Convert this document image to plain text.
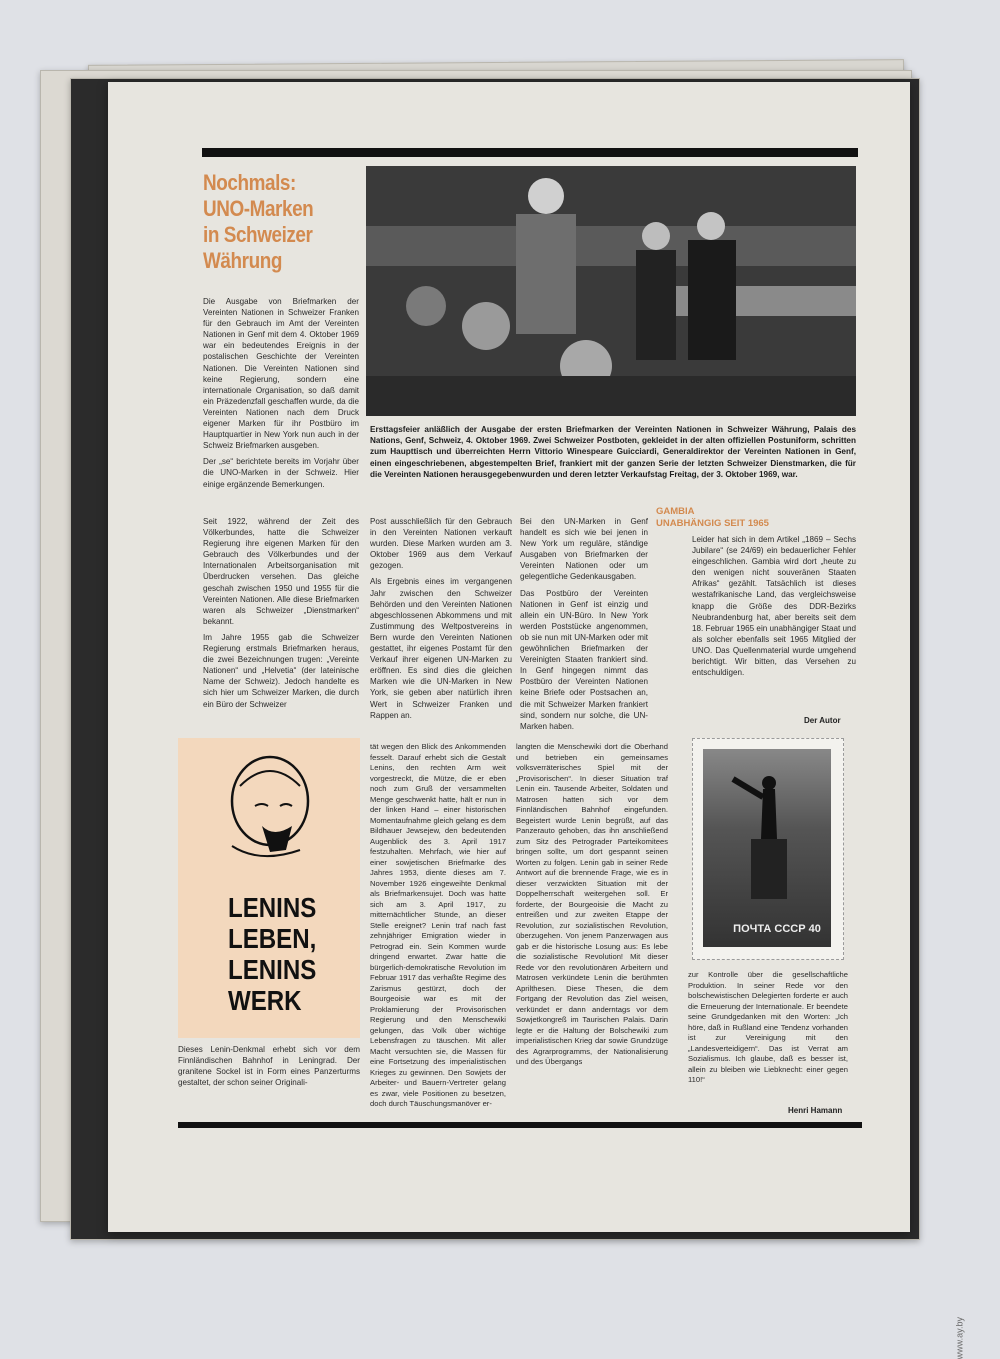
Nochmals:
UNO-Marken
in Schweizer
Währung

Ersttagsfeier anläßlich der Ausgabe der ersten Briefmarken der Vereinten Nationen in Schweizer Währung, Palais des Nations, Genf, Schweiz, 4. Oktober 1969. Zwei Schweizer Postboten, gekleidet in der alten offiziellen Postuniform, schritten zum Haupttisch und überreichten Herrn Vittorio Winespeare Guicciardi, Generaldirektor der Vereinten Nationen in Genf, einen eingeschriebenen, abgestempelten Brief, frankiert mit der ganzen Serie der letzten Schweizer Dienstmarken, die für die Vereinten Nationen herausgegebenwurden und deren letzter Verkaufstag Freitag, der 3. Oktober 1969, war.

Die Ausgabe von Briefmarken der Vereinten Nationen in Schweizer Franken für den Gebrauch im Amt der Vereinten Nationen in Genf mit dem 4. Oktober 1969 war ein bedeutendes Ereignis in der postalischen Geschichte der Vereinten Nationen. Die Vereinten Nationen sind keine Regierung, sondern eine internationale Organisation, so daß damit ein Präzedenzfall geschaffen wurde, da die Vereinten Nationen nach dem Druck eigener Marken für ihr Postbüro im Hauptquartier in New York nun auch in der Schweiz Briefmarken ausgeben.

Der „se“ berichtete bereits im Vorjahr über die UNO-Marken in der Schweiz. Hier einige ergänzende Bemerkungen.

Seit 1922, während der Zeit des Völkerbundes, hatte die Schweizer Regierung ihre eigenen Marken für den Gebrauch des Völkerbundes und der Internationalen Arbeitsorganisation mit Überdrucken versehen. Das gleiche geschah zwischen 1950 und 1955 für die Vereinten Nationen. Alle diese Briefmarken waren als Schweizer „Dienstmarken“ bekannt.

Im Jahre 1955 gab die Schweizer Regierung erstmals Briefmarken heraus, die zwei Bezeichnungen trugen: „Vereinte Nationen“ und „Helvetia“ (der lateinische Name der Schweiz). Jedoch handelte es sich hier um Schweizer Marken, die durch ein Büro der Schweizer

Post ausschließlich für den Gebrauch in den Vereinten Nationen verkauft wurden. Diese Marken wurden am 3. Oktober 1969 aus dem Verkauf gezogen.

Als Ergebnis eines im vergangenen Jahr zwischen den Schweizer Behörden und den Vereinten Nationen abgeschlossenen Abkommens und mit Zustimmung des Weltpostvereins in Bern wurde den Vereinten Nationen gestattet, ihr eigenes Postamt für den Verkauf ihrer eigenen UN-Marken zu eröffnen. Es sind dies die gleichen Marken wie die UN-Marken in New York, sie geben aber natürlich ihren Wert in Schweizer Franken und Rappen an.

Bei den UN-Marken in Genf handelt es sich wie bei jenen in New York um reguläre, ständige Ausgaben von Briefmarken der Vereinten Nationen oder um gelegentliche Gedenkausgaben.

Das Postbüro der Vereinten Nationen in Genf ist einzig und allein ein UN-Büro. In New York werden Poststücke angenommen, ob sie nun mit UN-Marken oder mit gewöhnlichen Briefmarken der Vereinigten Staaten frankiert sind. In Genf hingegen nimmt das Postbüro der Vereinten Nationen keine Briefe oder Postsachen an, die mit Schweizer Marken frankiert sind, sondern nur solche, die UN-Marken haben.

GAMBIA
UNABHÄNGIG SEIT 1965

Leider hat sich in dem Artikel „1869 – Sechs Jubilare“ (se 24/69) ein bedauerlicher Fehler eingeschlichen. Gambia wird dort „heute zu den wenigen nicht souveränen Staaten Afrikas“ gezählt. Tatsächlich ist dieses westafrikanische Land, das vergleichsweise knapp die Größe des DDR-Bezirks Neubrandenburg hat, aber bereits seit dem 18. Februar 1965 ein unabhängiger Staat und als solcher ebenfalls seit 1965 Mitglied der UNO. Das Quellenmaterial wurde umgehend berichtigt. Wir bitten, das Versehen zu entschuldigen.

Der Autor

LENINS
LEBEN,
LENINS
WERK

Dieses Lenin-Denkmal erhebt sich vor dem Finnländischen Bahnhof in Leningrad. Der granitene Sockel ist in Form eines Panzerturms gestaltet, der schon seiner Originali-

tät wegen den Blick des Ankommenden fesselt. Darauf erhebt sich die Gestalt Lenins, den rechten Arm weit vorgestreckt, die Mütze, die er eben noch zum Gruß der versammelten Menge geschwenkt hatte, hält er nun in der linken Hand – einer historischen Momentaufnahme gleich gelang es dem Bildhauer Jewsejew, den bedeutenden Augenblick des 3. April 1917 festzuhalten. Mehrfach, wie hier auf einer sowjetischen Briefmarke des Jahres 1953, diente dieses am 7. November 1926 eingeweihte Denkmal als Briefmarkensujet. Doch was hatte sich am 3. April 1917, zu mitternächtlicher Stunde, an dieser Stelle ereignet? Lenin traf nach fast zehnjähriger Emigration wieder in Petrograd ein. Sein Kommen wurde dringend erwartet. Zwar hatte die bürgerlich-demokratische Revolution im Februar 1917 das verhaßte Regime des Zarismus gestürzt, doch der Bourgeoisie war es mit der Proklamierung der Provisorischen Regierung und den Menschewiki gelungen, das Volk über wichtige Lebensfragen zu täuschen. Mit aller Macht versuchten sie, die Massen für eine Fortsetzung des imperialistischen Krieges zu gewinnen. Den Sowjets der Arbeiter- und Bauern-Vertreter gelang es zwar, viele Positionen zu besetzen, doch durch Täuschungsmanöver er-

langten die Menschewiki dort die Oberhand und betrieben ein gemeinsames volksverräterisches Spiel mit der „Provisorischen“. In dieser Situation traf Lenin ein. Tausende Arbeiter, Soldaten und Matrosen hatten sich vor dem Finnländischen Bahnhof eingefunden. Begeistert wurde Lenin begrüßt, auf das Panzerauto gehoben, das ihn anschließend zum Sitz des Petrograder Parteikomitees bringen sollte, um dort gespannt seinen Worten zu folgen. Lenin gab in seiner Rede Antwort auf die brennende Frage, wie es in dieser verzwickten Situation mit der Doppelherrschaft weitergehen soll. Er forderte, der Bourgeoisie die Macht zu entreißen und zur zweiten Etappe der Revolution, zur sozialistischen Revolution, überzugehen. Von jenem Panzerwagen aus gab er die historische Losung aus: Es lebe die sozialistische Revolution! Mit dieser Rede vor den revolutionären Arbeitern und Matrosen verkündete Lenin die berühmten Aprilthesen. Diese Thesen, die dem Fortgang der Revolution das Ziel weisen, verkündet er dann anderntags vor dem Sowjetkongreß im Taurischen Palais. Darin legte er die Haltung der Bolschewiki zum imperialistischen Krieg dar sowie Grundzüge des Agrarprogramms, der Nationalisierung und des Übergangs

ПОЧТА СССР 40

zur Kontrolle über die gesellschaftliche Produktion. In seiner Rede vor den bolschewistischen Delegierten forderte er auch die Erneuerung der Internationale. Er beendete seine Grundgedanken mit den Worten: „Ich höre, daß in Rußland eine Tendenz vorhanden ist zur Vereinigung mit den „Landesverteidigern“. Das ist Verrat am Sozialismus. Ich glaube, daß es besser ist, allein zu bleiben wie Liebknecht: einer gegen 110!“

Henri Hamann

www.ay.by
